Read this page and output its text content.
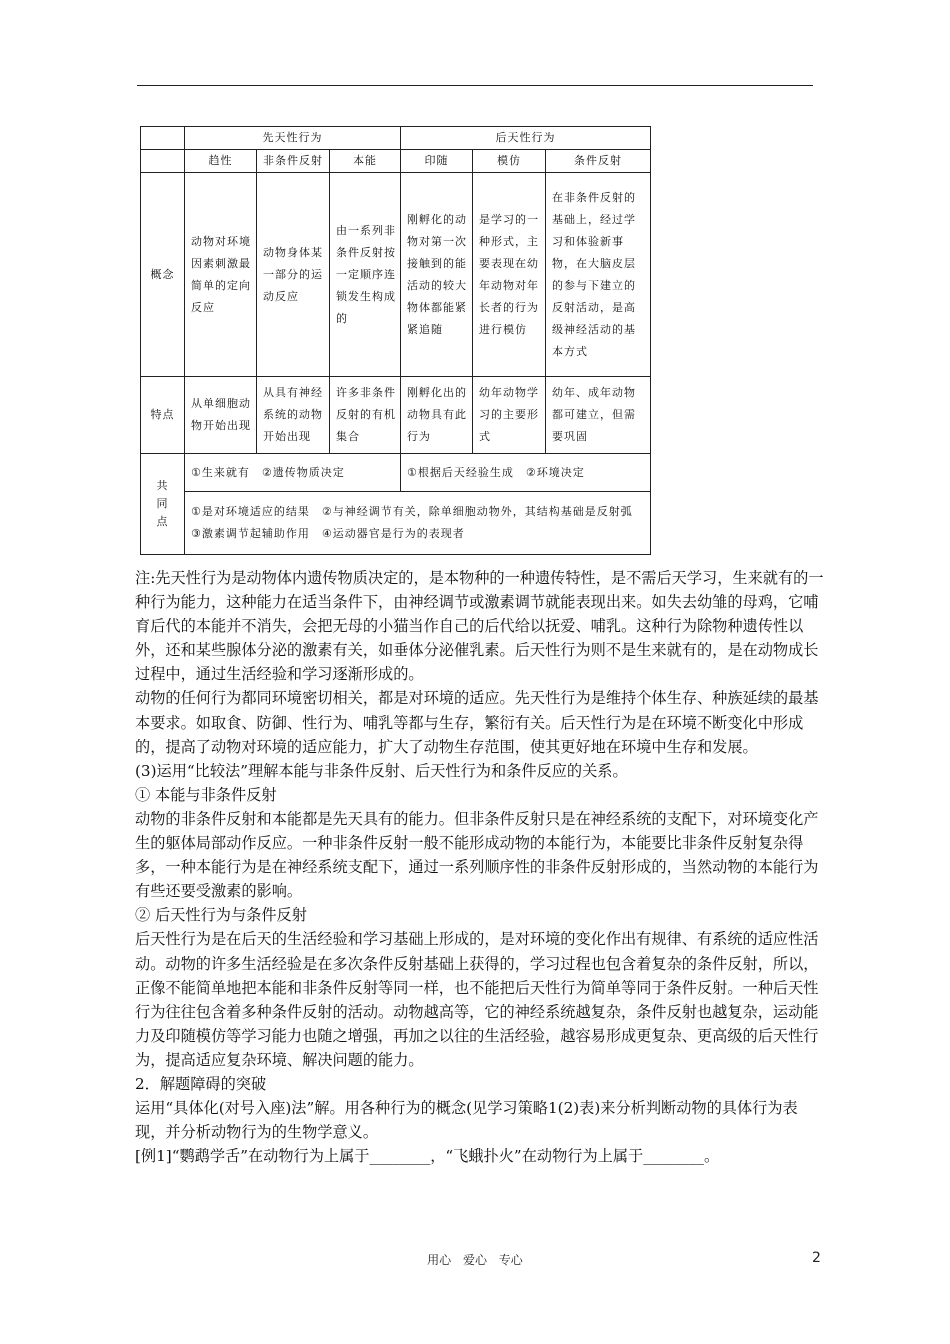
	先天性行为			后天性行为		
	趋性	非条件反射	本能	印随	模仿	条件反射
概念	动物对环境因素刺激最简单的定向反应	动物身体某一部分的运动反应	由一系列非条件反射按一定顺序连锁发生构成的	刚孵化的动物对第一次接触到的能活动的较大物体都能紧紧追随	是学习的一种形式，主要表现在幼年动物对年长者的行为进行模仿	在非条件反射的基础上，经过学习和体验新事物，在大脑皮层的参与下建立的反射活动，是高级神经活动的基本方式
特点	从单细胞动物开始出现	从具有神经系统的动物开始出现	许多非条件反射的有机集合	刚孵化出的动物具有此行为	幼年动物学习的主要形式	幼年、成年动物都可建立，但需要巩固
共同点	①生来就有　②遗传物质决定			①根据后天经验生成　②环境决定		
	①是对环境适应的结果　②与神经调节有关，除单细胞动物外，其结构基础是反射弧　③激素调节起辅助作用　④运动器官是行为的表现者					

注:先天性行为是动物体内遗传物质决定的，是本物种的一种遗传特性，是不需后天学习，生来就有的一种行为能力，这种能力在适当条件下，由神经调节或激素调节就能表现出来。如失去幼雏的母鸡，它哺育后代的本能并不消失，会把无母的小猫当作自己的后代给以抚爱、哺乳。这种行为除物种遗传性以外，还和某些腺体分泌的激素有关，如垂体分泌催乳素。后天性行为则不是生来就有的，是在动物成长过程中，通过生活经验和学习逐渐形成的。

动物的任何行为都同环境密切相关，都是对环境的适应。先天性行为是维持个体生存、种族延续的最基本要求。如取食、防御、性行为、哺乳等都与生存，繁衍有关。后天性行为是在环境不断变化中形成的，提高了动物对环境的适应能力，扩大了动物生存范围，使其更好地在环境中生存和发展。

(3)运用“比较法”理解本能与非条件反射、后天性行为和条件反应的关系。

① 本能与非条件反射

动物的非条件反射和本能都是先天具有的能力。但非条件反射只是在神经系统的支配下，对环境变化产生的躯体局部动作反应。一种非条件反射一般不能形成动物的本能行为，本能要比非条件反射复杂得多，一种本能行为是在神经系统支配下，通过一系列顺序性的非条件反射形成的，当然动物的本能行为有些还要受激素的影响。

② 后天性行为与条件反射

后天性行为是在后天的生活经验和学习基础上形成的，是对环境的变化作出有规律、有系统的适应性活动。动物的许多生活经验是在多次条件反射基础上获得的，学习过程也包含着复杂的条件反射，所以，正像不能简单地把本能和非条件反射等同一样，也不能把后天性行为简单等同于条件反射。一种后天性行为往往包含着多种条件反射的活动。动物越高等，它的神经系统越复杂，条件反射也越复杂，运动能力及印随模仿等学习能力也随之增强，再加之以往的生活经验，越容易形成更复杂、更高级的后天性行为，提高适应复杂环境、解决问题的能力。

2．解题障碍的突破

运用“具体化(对号入座)法”解。用各种行为的概念(见学习策略1(2)表)来分析判断动物的具体行为表现，并分析动物行为的生物学意义。

[例1]“鹦鹉学舌”在动物行为上属于________，“飞蛾扑火”在动物行为上属于________。

用心 爱心 专心	2
